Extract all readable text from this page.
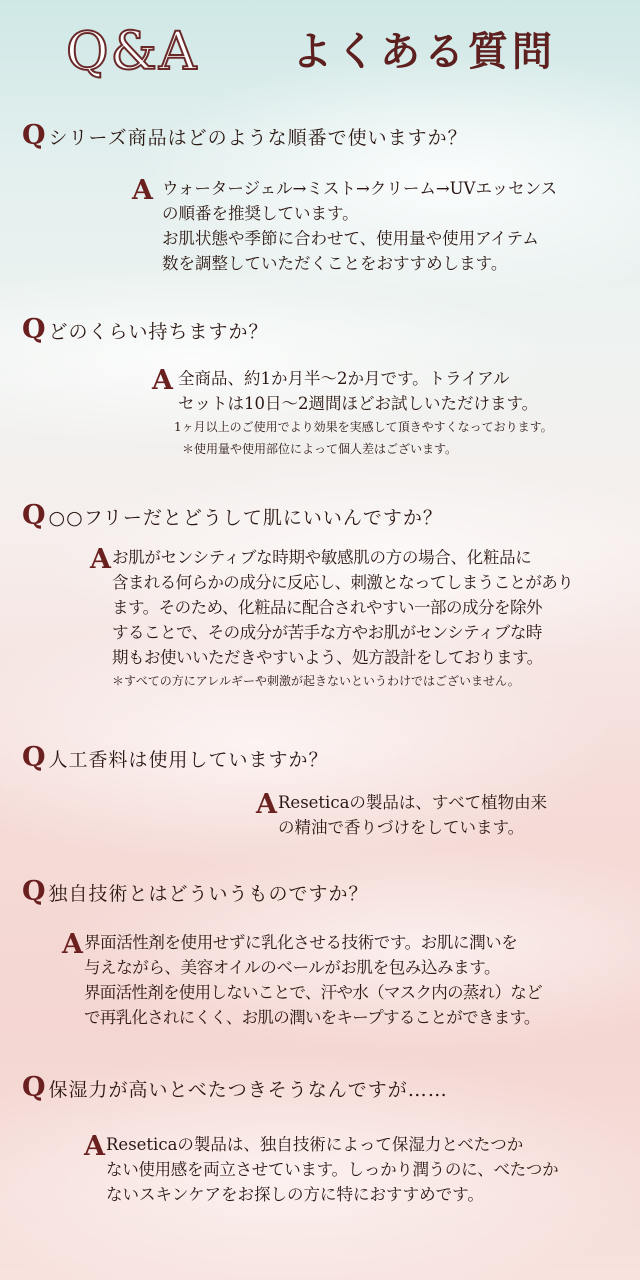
Q&A よくある質問
Q シリーズ商品はどのような順番で使いますか？
A ウォータージェル→ミスト→クリーム→UVエッセンス
の順番を推奨しています。
お肌状態や季節に合わせて、使用量や使用アイテム
数を調整していただくことをおすすめします。
Q どのくらい持ちますか？
A 全商品、約1か月半～2か月です。トライアル
セットは10日～2週間ほどお試しいただけます。
1ヶ月以上のご使用でより効果を実感して頂きやすくなっております。
＊使用量や使用部位によって個人差はございます。
Q ○○フリーだとどうして肌にいいんですか？
A お肌がセンシティブな時期や敏感肌の方の場合、化粧品に
含まれる何らかの成分に反応し、刺激となってしまうことがあり
ます。そのため、化粧品に配合されやすい一部の成分を除外
することで、その成分が苦手な方やお肌がセンシティブな時
期もお使いいただきやすいよう、処方設計をしております。
＊すべての方にアレルギーや刺激が起きないというわけではございません。
Q 人工香料は使用していますか？
A Reseticaの製品は、すべて植物由来
の精油で香りづけをしています。
Q 独自技術とはどういうものですか？
A 界面活性剤を使用せずに乳化させる技術です。お肌に潤いを
与えながら、美容オイルのベールがお肌を包み込みます。
界面活性剤を使用しないことで、汗や水（マスク内の蒸れ）など
で再乳化されにくく、お肌の潤いをキープすることができます。
Q 保湿力が高いとべたつきそうなんですが……
A Reseticaの製品は、独自技術によって保湿力とべたつか
ない使用感を両立させています。しっかり潤うのに、べたつか
ないスキンケアをお探しの方に特におすすめです。
